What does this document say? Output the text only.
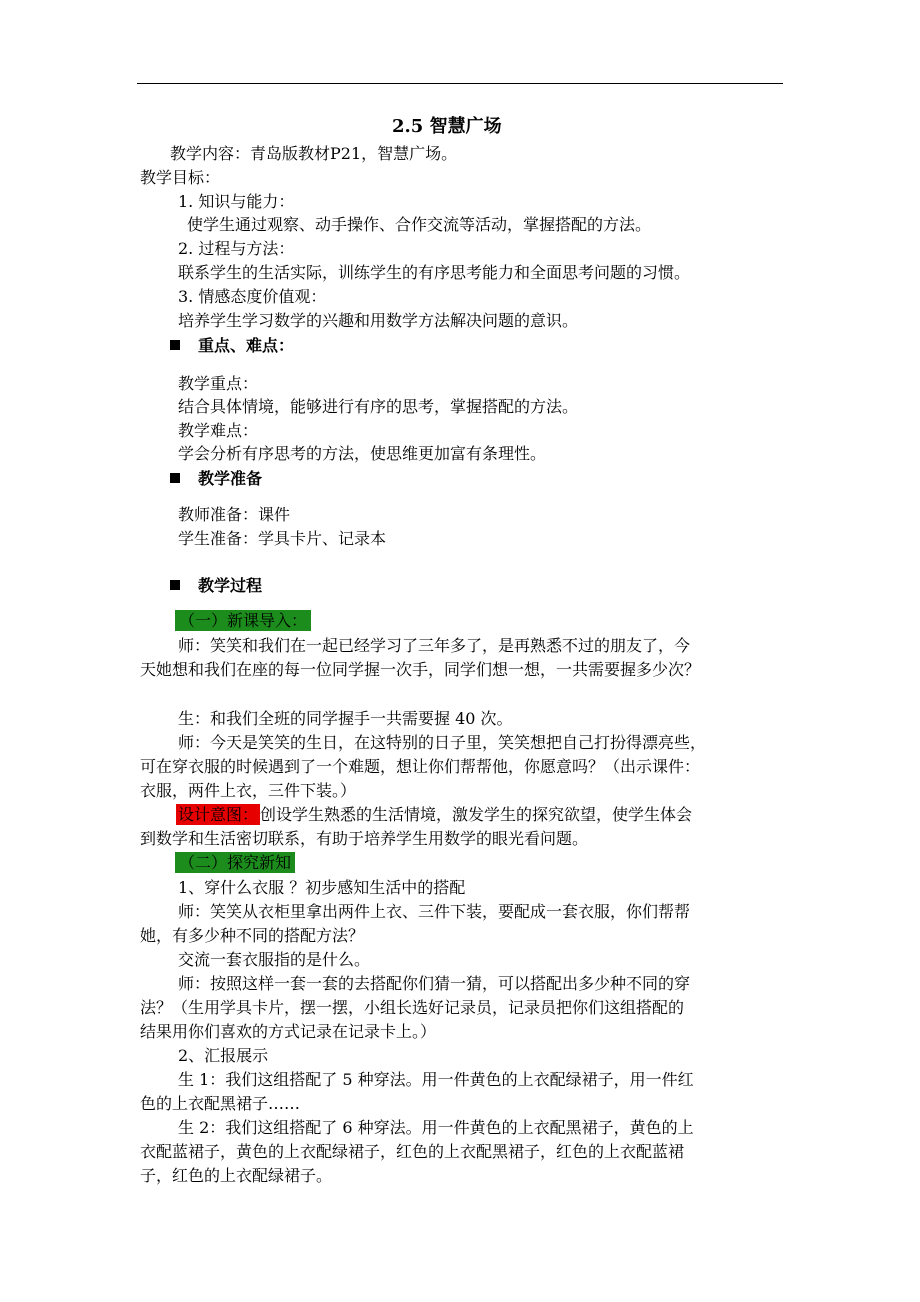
2.5 智慧广场
教学内容：青岛版教材P21，智慧广场。
教学目标：
1. 知识与能力：
使学生通过观察、动手操作、合作交流等活动，掌握搭配的方法。
2. 过程与方法：
联系学生的生活实际，训练学生的有序思考能力和全面思考问题的习惯。
3. 情感态度价值观：
培养学生学习数学的兴趣和用数学方法解决问题的意识。
重点、难点：
教学重点：
结合具体情境，能够进行有序的思考，掌握搭配的方法。
教学难点：
学会分析有序思考的方法，使思维更加富有条理性。
教学准备
教师准备：课件
学生准备：学具卡片、记录本
教学过程
（一）新课导入：
师：笑笑和我们在一起已经学习了三年多了，是再熟悉不过的朋友了，今
天她想和我们在座的每一位同学握一次手，同学们想一想，一共需要握多少次？
生：和我们全班的同学握手一共需要握 40 次。
师：今天是笑笑的生日，在这特别的日子里，笑笑想把自己打扮得漂亮些，
可在穿衣服的时候遇到了一个难题，想让你们帮帮他，你愿意吗？（出示课件：
衣服，两件上衣，三件下装。）
设计意图： 创设学生熟悉的生活情境，激发学生的探究欲望，使学生体会
到数学和生活密切联系，有助于培养学生用数学的眼光看问题。
（二）探究新知
1、穿什么衣服 ？初步感知生活中的搭配
师：笑笑从衣柜里拿出两件上衣、三件下装，要配成一套衣服，你们帮帮
她，有多少种不同的搭配方法？
交流一套衣服指的是什么。
师：按照这样一套一套的去搭配你们猜一猜，可以搭配出多少种不同的穿
法？（生用学具卡片，摆一摆，小组长选好记录员，记录员把你们这组搭配的
结果用你们喜欢的方式记录在记录卡上。）
2、汇报展示
生 1：我们这组搭配了 5 种穿法。用一件黄色的上衣配绿裙子，用一件红
色的上衣配黑裙子……
生 2：我们这组搭配了 6 种穿法。用一件黄色的上衣配黑裙子，黄色的上
衣配蓝裙子，黄色的上衣配绿裙子，红色的上衣配黑裙子，红色的上衣配蓝裙
子，红色的上衣配绿裙子。
